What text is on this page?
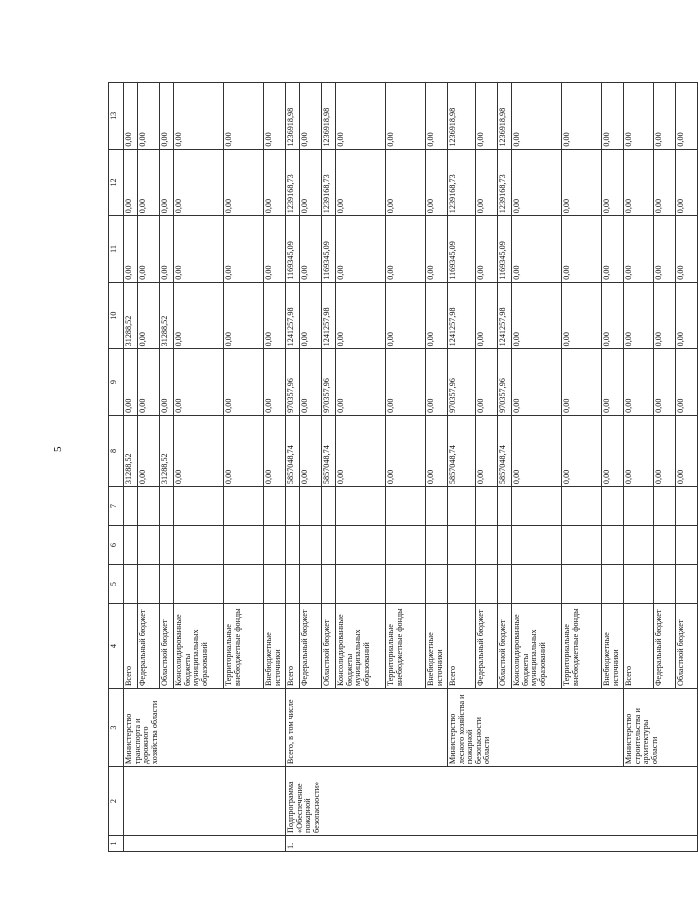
5
1	2	3	4	5	6	7	8	9	10	11	12	13
		Министерство транспорта и дорожного хозяйства области	Всего				31288,52	0,00	31288,52	0,00	0,00	0,00
			Федеральный бюджет				0,00	0,00	0,00	0,00	0,00	0,00
			Областной бюджет				31288,52	0,00	31288,52	0,00	0,00	0,00
			Консолидированные бюджеты муниципальных образований				0,00	0,00	0,00	0,00	0,00	0,00
			Территориальные внебюджетные фонды				0,00	0,00	0,00	0,00	0,00	0,00
			Внебюджетные источники				0,00	0,00	0,00	0,00	0,00	0,00
1.	Подпрограмма «Обеспечение пожарной безопасности»	Всего, в том числе	Всего				5857048,74	970357,96	1241257,98	1169345,09	1239168,73	1236918,98
			Федеральный бюджет				0,00	0,00	0,00	0,00	0,00	0,00
			Областной бюджет				5857048,74	970357,96	1241257,98	1169345,09	1239168,73	1236918,98
			Консолидированные бюджеты муниципальных образований				0,00	0,00	0,00	0,00	0,00	0,00
			Территориальные внебюджетные фонды				0,00	0,00	0,00	0,00	0,00	0,00
			Внебюджетные источники				0,00	0,00	0,00	0,00	0,00	0,00
		Министерство лесного хозяйства и пожарной безопасности области	Всего				5857048,74	970357,96	1241257,98	1169345,09	1239168,73	1236918,98
			Федеральный бюджет				0,00	0,00	0,00	0,00	0,00	0,00
			Областной бюджет				5857048,74	970357,96	1241257,98	1169345,09	1239168,73	1236918,98
			Консолидированные бюджеты муниципальных образований				0,00	0,00	0,00	0,00	0,00	0,00
			Территориальные внебюджетные фонды				0,00	0,00	0,00	0,00	0,00	0,00
			Внебюджетные источники				0,00	0,00	0,00	0,00	0,00	0,00
		Министерство строительства и архитектуры области	Всего				0,00	0,00	0,00	0,00	0,00	0,00
			Федеральный бюджет				0,00	0,00	0,00	0,00	0,00	0,00
			Областной бюджет				0,00	0,00	0,00	0,00	0,00	0,00
